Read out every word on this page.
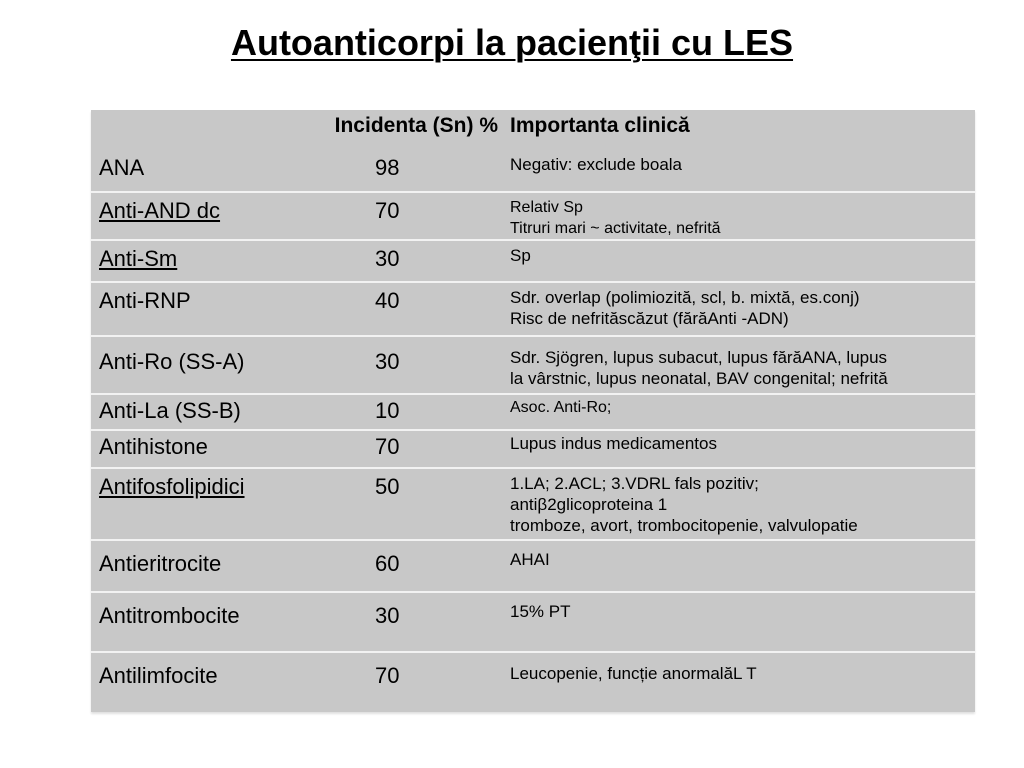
Autoanticorpi la pacienţii cu LES
	Incidenta (Sn) %	Importanta clinică
ANA	98	Negativ: exclude boala

Anti-AND dc	70	Relativ Sp
Titruri mari ~ activitate, nefrită

Anti-Sm	30	Sp

Anti-RNP	40	Sdr. overlap (polimiozită, scl, b. mixtă, es.conj)
Risc de nefrităscăzut (fărăAnti -ADN)

Anti-Ro (SS-A)	30	Sdr. Sjögren, lupus subacut, lupus fărăANA, lupus
la vârstnic, lupus neonatal, BAV congenital; nefrită

Anti-La (SS-B)	10	Asoc. Anti-Ro;

Antihistone	70	Lupus indus medicamentos

Antifosfolipidici	50	1.LA; 2.ACL; 3.VDRL fals pozitiv;
antiβ2glicoproteina 1
tromboze, avort, trombocitopenie, valvulopatie

Antieritrocite	60	AHAI

Antitrombocite	30	15% PT

Antilimfocite	70	Leucopenie, funcție anormalăL T
